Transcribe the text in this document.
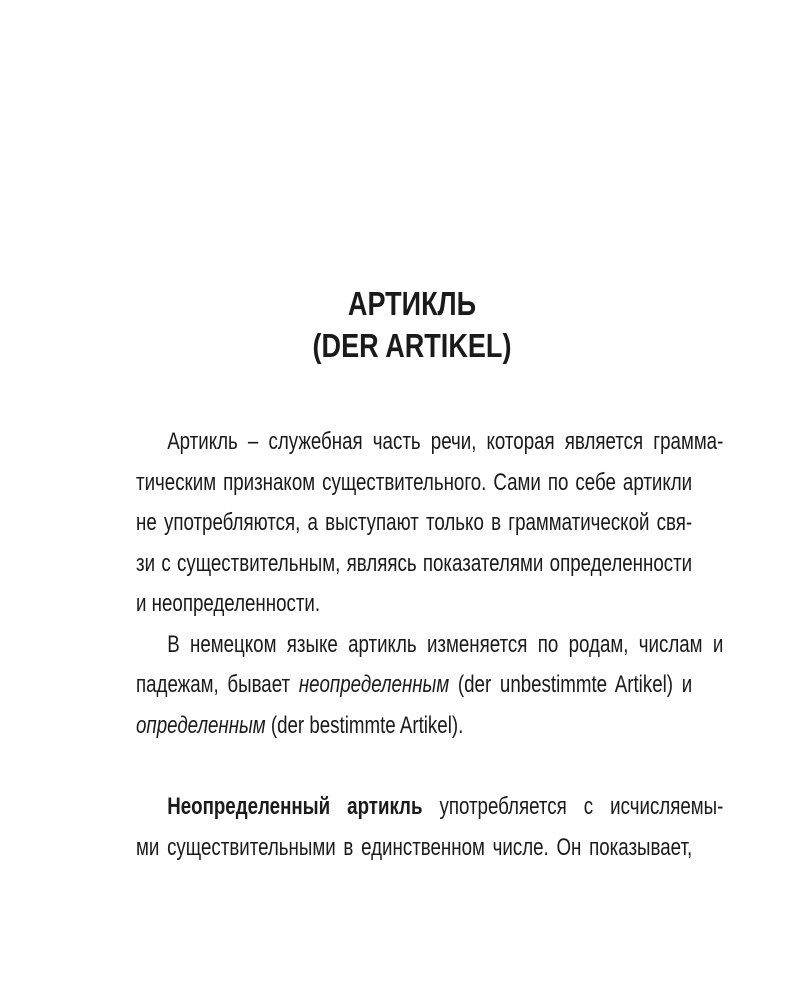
АРТИКЛЬ
(DER ARTIKEL)
Артикль – служебная часть речи, которая является грамма-
тическим признаком существительного. Сами по себе артикли
не употребляются, а выступают только в грамматической свя-
зи с существительным, являясь показателями определенности
и неопределенности.
В немецком языке артикль изменяется по родам, числам и
падежам, бывает неопределенным (der unbestimmte Artikel) и
определенным (der bestimmte Artikel).
Неопределенный артикль употребляется с исчисляемы-
ми существительными в единственном числе. Он показывает,
